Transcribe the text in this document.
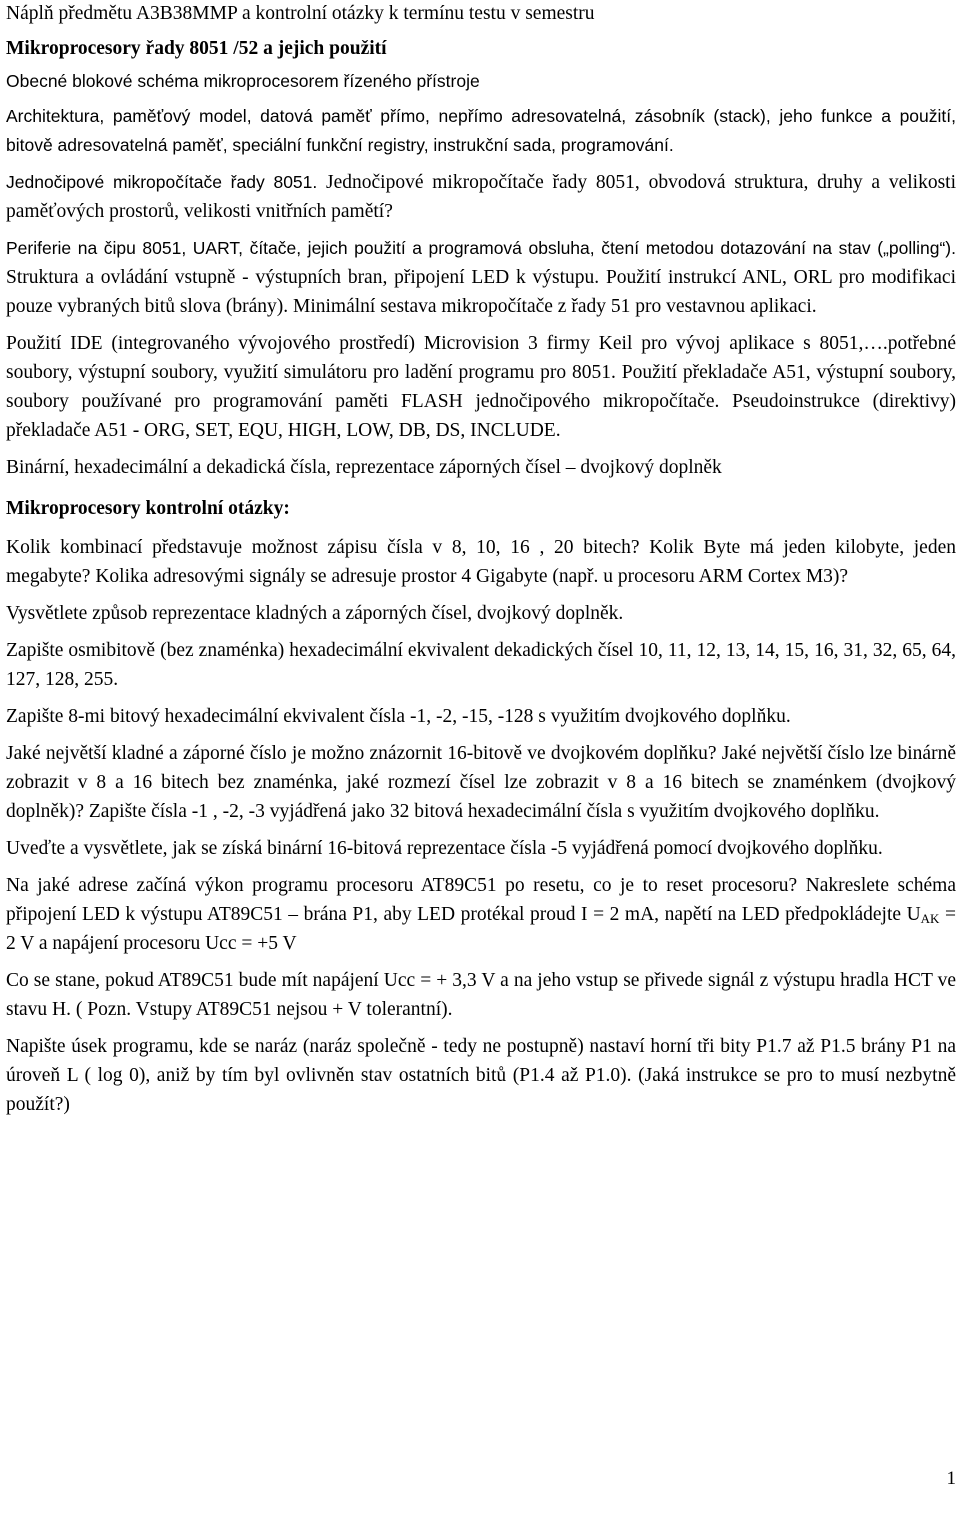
Náplň předmětu A3B38MMP a kontrolní otázky k termínu testu v semestru

Mikroprocesory řady 8051 /52 a jejich použití

Obecné blokové schéma mikroprocesorem řízeného přístroje

Architektura, paměťový model, datová paměť přímo, nepřímo adresovatelná, zásobník (stack), jeho funkce a použití, bitově adresovatelná paměť, speciální funkční registry, instrukční sada, programování.

Jednočipové mikropočítače řady 8051. Jednočipové mikropočítače řady 8051, obvodová struktura, druhy a velikosti paměťových prostorů, velikosti vnitřních pamětí?

Periferie na čipu 8051, UART, čítače, jejich použití a programová obsluha, čtení metodou dotazování na stav („polling“). Struktura a ovládání vstupně - výstupních bran, připojení LED k výstupu. Použití instrukcí ANL, ORL pro modifikaci pouze vybraných bitů slova (brány). Minimální sestava mikropočítače z řady 51 pro vestavnou aplikaci.

Použití IDE (integrovaného vývojového prostředí) Microvision 3 firmy Keil pro vývoj aplikace s 8051,….potřebné soubory, výstupní soubory, využití simulátoru pro ladění programu pro 8051. Použití překladače A51, výstupní soubory, soubory používané pro programování paměti FLASH jednočipového mikropočítače. Pseudoinstrukce (direktivy) překladače A51 - ORG, SET, EQU, HIGH, LOW, DB, DS, INCLUDE.

Binární, hexadecimální a dekadická čísla, reprezentace záporných čísel – dvojkový doplněk

Mikroprocesory kontrolní otázky:

Kolik kombinací představuje možnost zápisu čísla v 8, 10, 16 , 20 bitech? Kolik Byte má jeden kilobyte, jeden megabyte? Kolika adresovými signály se adresuje prostor 4 Gigabyte (např. u procesoru ARM Cortex M3)?

Vysvětlete způsob reprezentace kladných a záporných čísel, dvojkový doplněk.

Zapište osmibitově (bez znaménka) hexadecimální ekvivalent dekadických čísel 10, 11, 12, 13, 14, 15, 16, 31, 32, 65, 64, 127, 128, 255.

Zapište 8-mi bitový hexadecimální ekvivalent čísla -1, -2, -15, -128 s využitím dvojkového doplňku.

Jaké největší kladné a záporné číslo je možno znázornit 16-bitově ve dvojkovém doplňku? Jaké největší číslo lze binárně zobrazit v 8 a 16 bitech bez znaménka, jaké rozmezí čísel lze zobrazit v 8 a 16 bitech se znaménkem (dvojkový doplněk)? Zapište čísla -1 , -2, -3 vyjádřená jako 32 bitová hexadecimální čísla s využitím dvojkového doplňku.

Uveďte a vysvětlete, jak se získá binární 16-bitová reprezentace čísla -5 vyjádřená pomocí dvojkového doplňku.

Na jaké adrese začíná výkon programu procesoru AT89C51 po resetu, co je to reset procesoru? Nakreslete schéma připojení LED k výstupu AT89C51 – brána P1, aby LED protékal proud I = 2 mA, napětí na LED předpokládejte $U_{AK} = 2$ V a napájení procesoru Ucc = +5 V

Co se stane, pokud AT89C51 bude mít napájení Ucc = + 3,3 V a na jeho vstup se přivede signál z výstupu hradla HCT ve stavu H. ( Pozn. Vstupy AT89C51 nejsou + V tolerantní).

Napište úsek programu, kde se naráz (naráz společně - tedy ne postupně) nastaví horní tři bity P1.7 až P1.5 brány P1 na úroveň L ( log 0), aniž by tím byl ovlivněn stav ostatních bitů (P1.4 až P1.0). (Jaká instrukce se pro to musí nezbytně použít?)

1
